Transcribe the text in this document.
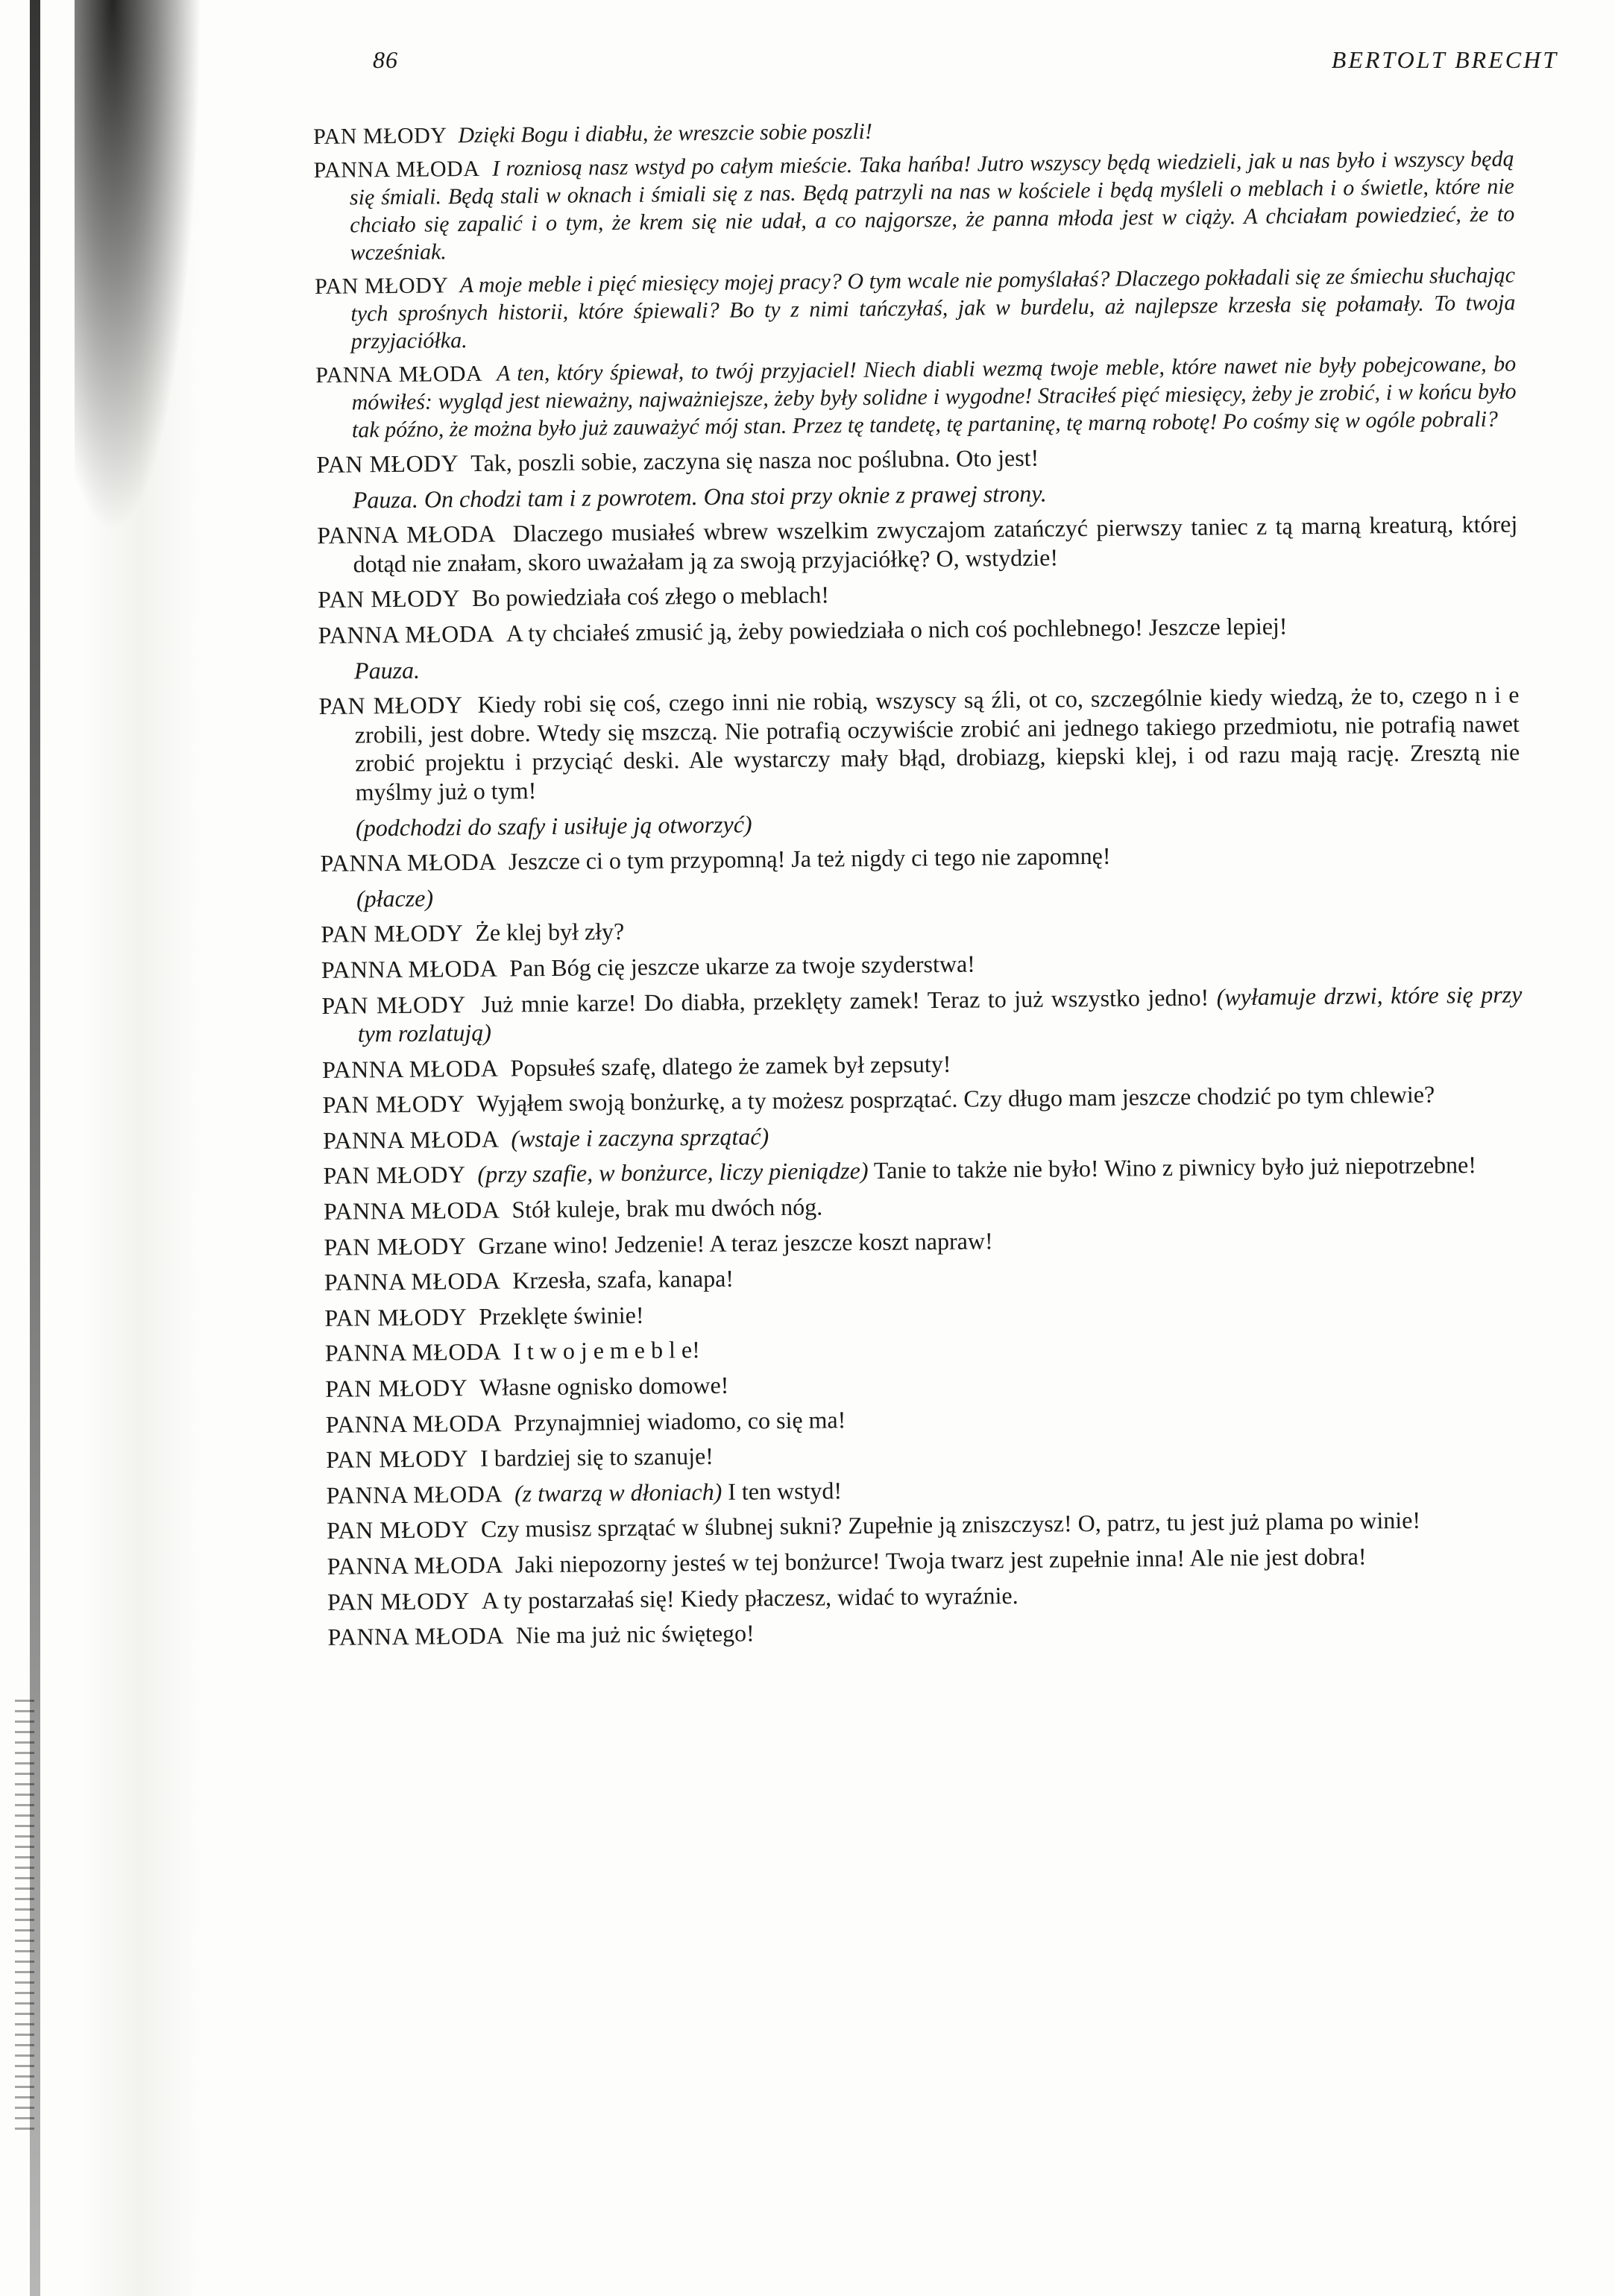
86	BERTOLT BRECHT
PAN MŁODY Dzięki Bogu i diabłu, że wreszcie sobie poszli!
PANNA MŁODA I rozniosą nasz wstyd po całym mieście. Taka hańba! Jutro wszyscy będą wiedzieli, jak u nas było i wszyscy będą się śmiali. Będą stali w oknach i śmiali się z nas. Będą patrzyli na nas w kościele i będą myśleli o meblach i o świetle, które nie chciało się zapalić i o tym, że krem się nie udał, a co najgorsze, że panna młoda jest w ciąży. A chciałam powiedzieć, że to wcześniak.
PAN MŁODY A moje meble i pięć miesięcy mojej pracy? O tym wcale nie pomyślałaś? Dlaczego pokładali się ze śmiechu słuchając tych sprośnych historii, które śpiewali? Bo ty z nimi tańczyłaś, jak w burdelu, aż najlepsze krzesła się połamały. To twoja przyjaciółka.
PANNA MŁODA A ten, który śpiewał, to twój przyjaciel! Niech diabli wezmą twoje meble, które nawet nie były pobejcowane, bo mówiłeś: wygląd jest nieważny, najważniejsze, żeby były solidne i wygodne! Straciłeś pięć miesięcy, żeby je zrobić, i w końcu było tak późno, że można było już zauważyć mój stan. Przez tę tandetę, tę partaninę, tę marną robotę! Po cośmy się w ogóle pobrali?
PAN MŁODY Tak, poszli sobie, zaczyna się nasza noc poślubna. Oto jest!
Pauza. On chodzi tam i z powrotem. Ona stoi przy oknie z prawej strony.
PANNA MŁODA Dlaczego musiałeś wbrew wszelkim zwyczajom zatańczyć pierwszy taniec z tą marną kreaturą, której dotąd nie znałam, skoro uważałam ją za swoją przyjaciółkę? O, wstydzie!
PAN MŁODY Bo powiedziała coś złego o meblach!
PANNA MŁODA A ty chciałeś zmusić ją, żeby powiedziała o nich coś pochlebnego! Jeszcze lepiej!
Pauza.
PAN MŁODY Kiedy robi się coś, czego inni nie robią, wszyscy są źli, ot co, szczególnie kiedy wiedzą, że to, czego n i e zrobili, jest dobre. Wtedy się mszczą. Nie potrafią oczywiście zrobić ani jednego takiego przedmiotu, nie potrafią nawet zrobić projektu i przyciąć deski. Ale wystarczy mały błąd, drobiazg, kiepski klej, i od razu mają rację. Zresztą nie myślmy już o tym!
(podchodzi do szafy i usiłuje ją otworzyć)
PANNA MŁODA Jeszcze ci o tym przypomną! Ja też nigdy ci tego nie zapomnę!
(płacze)
PAN MŁODY Że klej był zły?
PANNA MŁODA Pan Bóg cię jeszcze ukarze za twoje szyderstwa!
PAN MŁODY Już mnie karze! Do diabła, przeklęty zamek! Teraz to już wszystko jedno! (wyłamuje drzwi, które się przy tym rozlatują)
PANNA MŁODA Popsułeś szafę, dlatego że zamek był zepsuty!
PAN MŁODY Wyjąłem swoją bonżurkę, a ty możesz posprzątać. Czy długo mam jeszcze chodzić po tym chlewie?
PANNA MŁODA (wstaje i zaczyna sprzątać)
PAN MŁODY (przy szafie, w bonżurce, liczy pieniądze) Tanie to także nie było! Wino z piwnicy było już niepotrzebne!
PANNA MŁODA Stół kuleje, brak mu dwóch nóg.
PAN MŁODY Grzane wino! Jedzenie! A teraz jeszcze koszt napraw!
PANNA MŁODA Krzesła, szafa, kanapa!
PAN MŁODY Przeklęte świnie!
PANNA MŁODA I t w o j e m e b l e!
PAN MŁODY Własne ognisko domowe!
PANNA MŁODA Przynajmniej wiadomo, co się ma!
PAN MŁODY I bardziej się to szanuje!
PANNA MŁODA (z twarzą w dłoniach) I ten wstyd!
PAN MŁODY Czy musisz sprzątać w ślubnej sukni? Zupełnie ją zniszczysz! O, patrz, tu jest już plama po winie!
PANNA MŁODA Jaki niepozorny jesteś w tej bonżurce! Twoja twarz jest zupełnie inna! Ale nie jest dobra!
PAN MŁODY A ty postarzałaś się! Kiedy płaczesz, widać to wyraźnie.
PANNA MŁODA Nie ma już nic świętego!
